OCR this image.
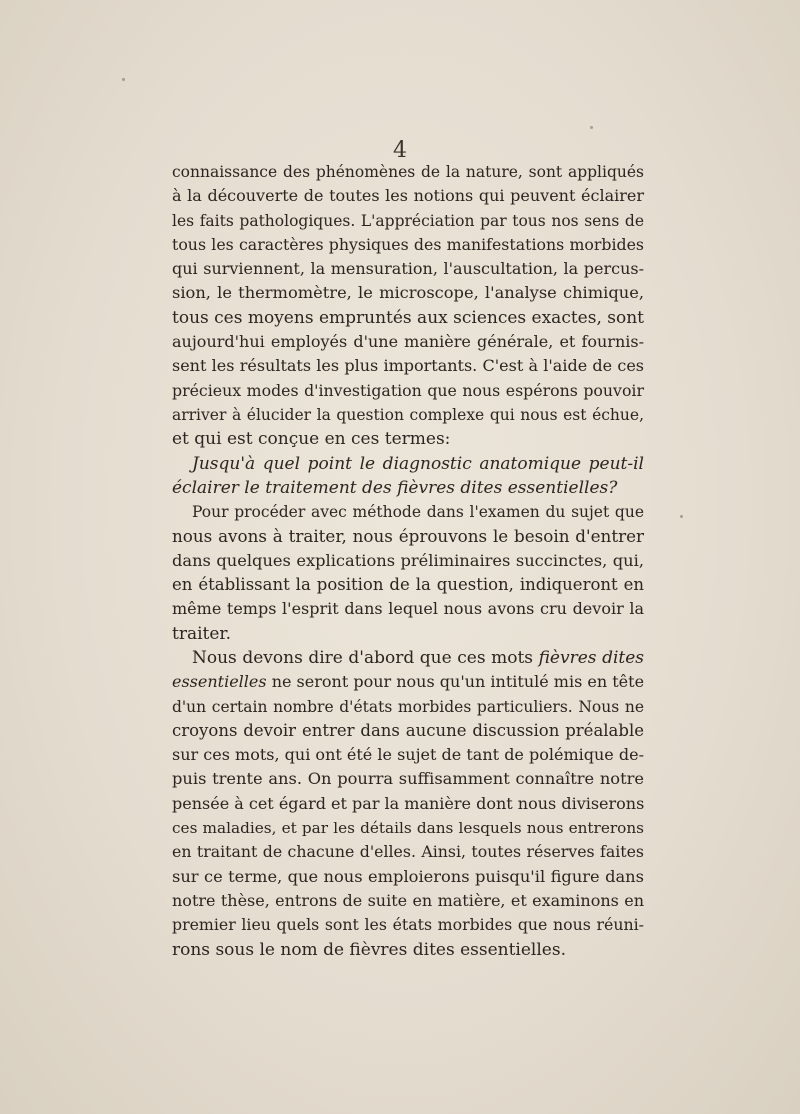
4
connaissance des phénomènes de la nature, sont appliqués
à la découverte de toutes les notions qui peuvent éclairer
les faits pathologiques. L'appréciation par tous nos sens de
tous les caractères physiques des manifestations morbides
qui surviennent, la mensuration, l'auscultation, la percus-
sion, le thermomètre, le microscope, l'analyse chimique,
tous ces moyens empruntés aux sciences exactes, sont
aujourd'hui employés d'une manière générale, et fournis-
sent les résultats les plus importants. C'est à l'aide de ces
précieux modes d'investigation que nous espérons pouvoir
arriver à élucider la question complexe qui nous est échue,
et qui est conçue en ces termes:
Jusqu'à quel point le diagnostic anatomique peut-il
éclairer le traitement des fièvres dites essentielles?
Pour procéder avec méthode dans l'examen du sujet que
nous avons à traiter, nous éprouvons le besoin d'entrer
dans quelques explications préliminaires succinctes, qui,
en établissant la position de la question, indiqueront en
même temps l'esprit dans lequel nous avons cru devoir la
traiter.
Nous devons dire d'abord que ces mots fièvres dites
essentielles ne seront pour nous qu'un intitulé mis en tête
d'un certain nombre d'états morbides particuliers. Nous ne
croyons devoir entrer dans aucune discussion préalable
sur ces mots, qui ont été le sujet de tant de polémique de-
puis trente ans. On pourra suffisamment connaître notre
pensée à cet égard et par la manière dont nous diviserons
ces maladies, et par les détails dans lesquels nous entrerons
en traitant de chacune d'elles. Ainsi, toutes réserves faites
sur ce terme, que nous emploierons puisqu'il figure dans
notre thèse, entrons de suite en matière, et examinons en
premier lieu quels sont les états morbides que nous réuni-
rons sous le nom de fièvres dites essentielles.
